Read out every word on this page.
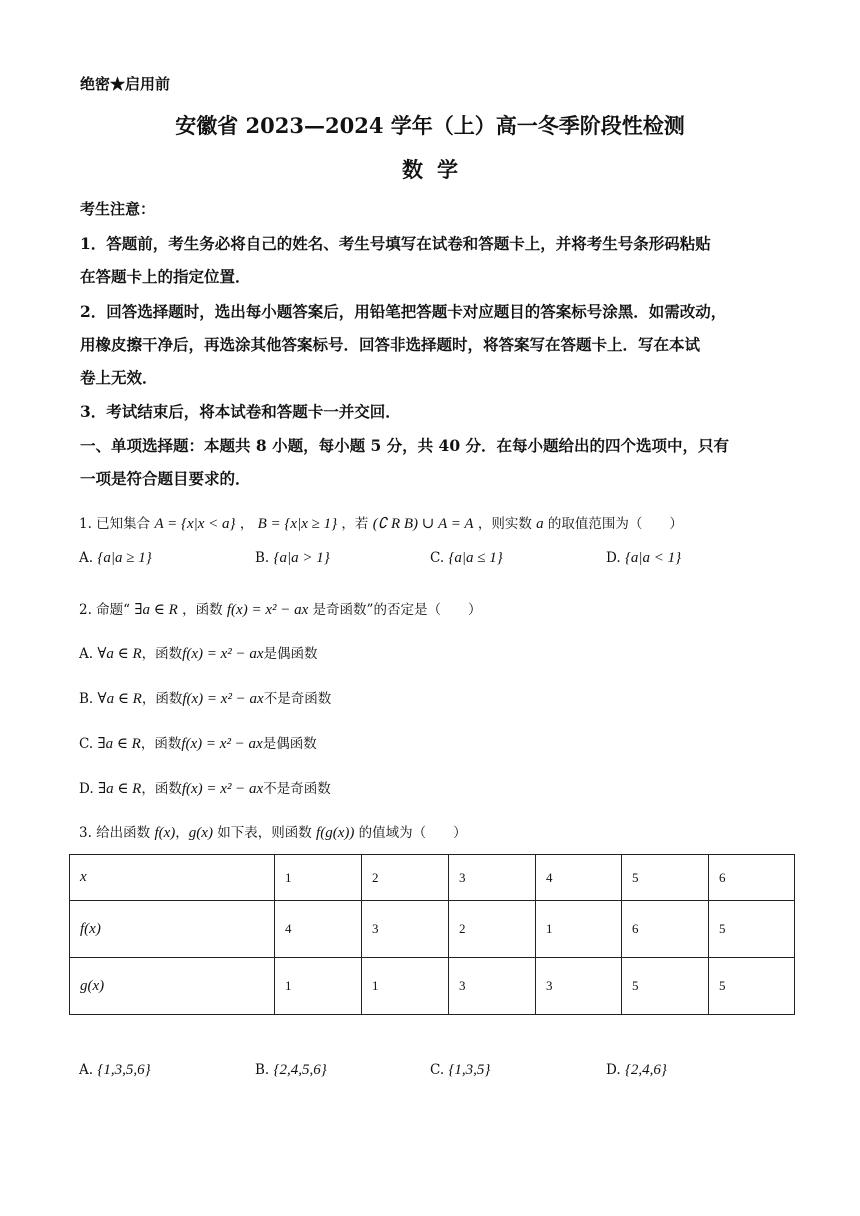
绝密★启用前
安徽省 2023—2024 学年（上）高一冬季阶段性检测
数学
考生注意：
1．答题前，考生务必将自己的姓名、考生号填写在试卷和答题卡上，并将考生号条形码粘贴
在答题卡上的指定位置．
2．回答选择题时，选出每小题答案后，用铅笔把答题卡对应题目的答案标号涂黑．如需改动，
用橡皮擦干净后，再选涂其他答案标号．回答非选择题时，将答案写在答题卡上．写在本试
卷上无效．
3．考试结束后，将本试卷和答题卡一并交回．
一、单项选择题：本题共 8 小题，每小题 5 分，共 40 分．在每小题给出的四个选项中，只有
一项是符合题目要求的．
1. 已知集合 A = {x|x < a} ， B = {x|x ≥ 1} ，若 (∁ R B) ∪ A = A ，则实数 a 的取值范围为（　　）
A. {a|a ≥ 1}	B. {a|a > 1}	C. {a|a ≤ 1}	D. {a|a < 1}
2. 命题“ ∃a ∈ R ，函数 f(x) = x² − ax 是奇函数”的否定是（　　）
A. ∀a ∈ R，函数f(x) = x² − ax是偶函数
B. ∀a ∈ R，函数f(x) = x² − ax不是奇函数
C. ∃a ∈ R，函数f(x) = x² − ax是偶函数
D. ∃a ∈ R，函数f(x) = x² − ax不是奇函数
3. 给出函数 f(x)，g(x) 如下表，则函数 f(g(x)) 的值域为（　　）
x	1	2	3	4	5	6
f(x)	4	3	2	1	6	5
g(x)	1	1	3	3	5	5
A. {1,3,5,6}	B. {2,4,5,6}	C. {1,3,5}	D. {2,4,6}
